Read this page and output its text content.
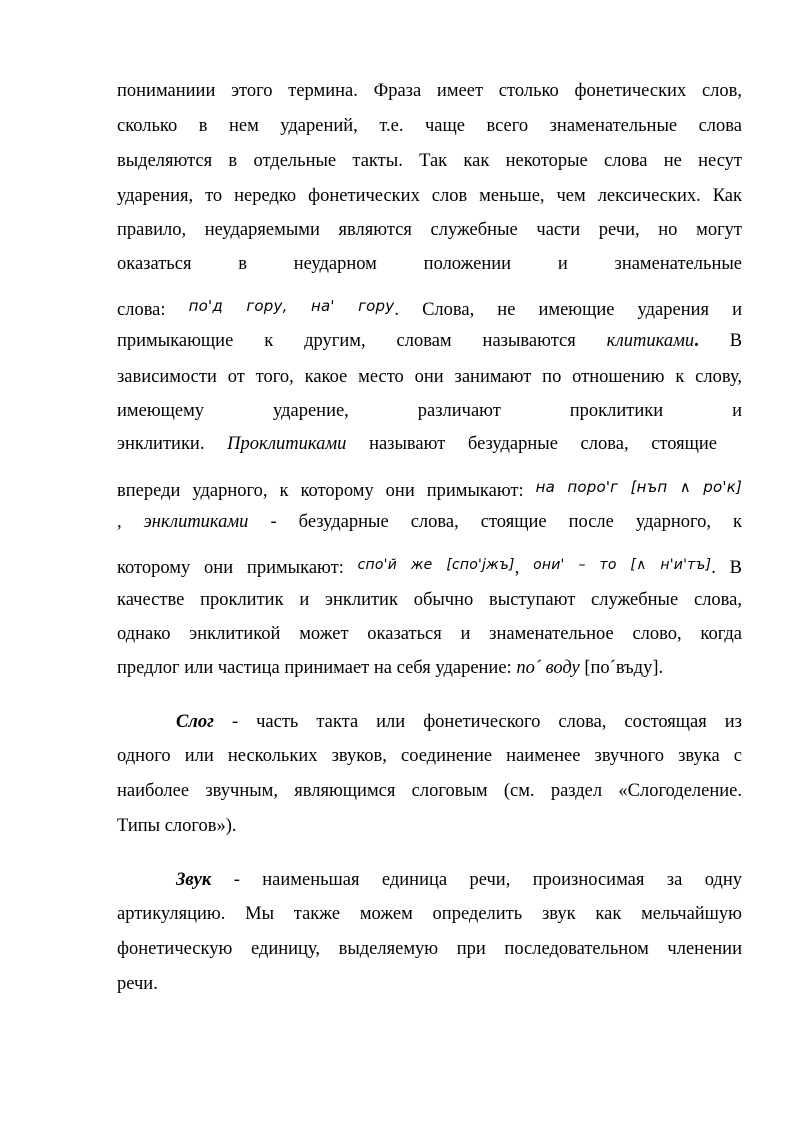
пониманиии этого термина. Фраза имеет столько фонетических слов,
сколько в нем ударений, т.е. чаще всего знаменательные слова
выделяются в отдельные такты. Так как некоторые слова не несут
ударения, то нередко фонетических слов меньше, чем лексических. Как
правило, неударяемыми являются служебные части речи, но могут
оказаться в неударном положении и знаменательные
слова: $^{по'д гору, на' гору}$. Слова, не имеющие ударения и
примыкающие к другим, словам называются клитиками. В
зависимости от того, какое место они занимают по отношению к слову,
имеющему ударение, различают проклитики и
энклитики. Проклитиками называют безударные слова, стоящие
впереди ударного, к которому они примыкают: $^{на поро'г [нъп \wedge ро'к]}$
, энклитиками - безударные слова, стоящие после ударного, к
которому они примыкают: $^{спо'й же [спо'jжъ]}$, $^{они' - то [\wedge н'и'тъ]}$. В
качестве проклитик и энклитик обычно выступают служебные слова,
однако энклитикой может оказаться и знаменательное слово, когда
предлог или частица принимает на себя ударение: по´ воду [по´въду].
Слог - часть такта или фонетического слова, состоящая из
одного или нескольких звуков, соединение наименее звучного звука с
наиболее звучным, являющимся слоговым (см. раздел «Слогоделение.
Типы слогов»).
Звук - наименьшая единица речи, произносимая за одну
артикуляцию. Мы также можем определить звук как мельчайшую
фонетическую единицу, выделяемую при последовательном членении
речи.
